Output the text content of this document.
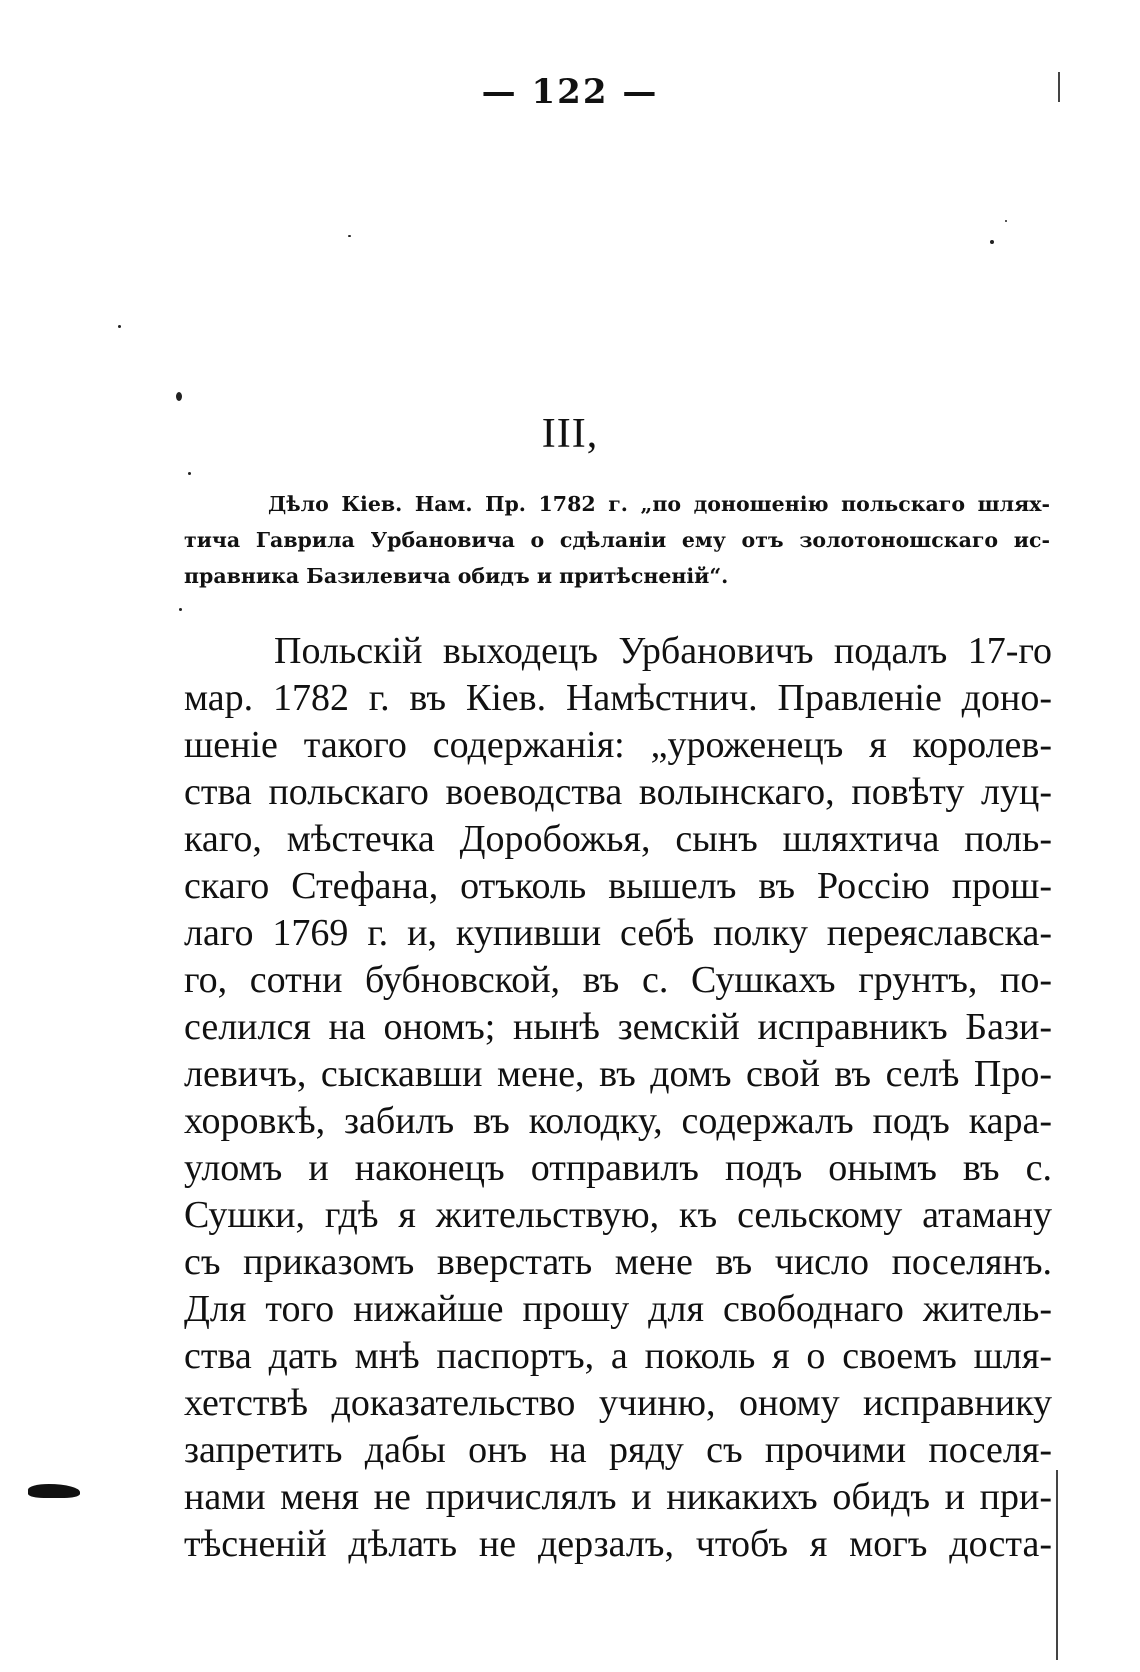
— 122 —
III,
Дѣло Кiев. Нам. Пр. 1782 г. „по доношенiю польскаго шлях-
тича Гаврила Урбановича о сдѣланiи ему отъ золотоношскаго ис-
правника Базилевича обидъ и притѣсненiй“.
Польскiй выходецъ Урбановичъ подалъ 17-го
мар. 1782 г. въ Кiев. Намѣстнич. Правленiе доно-
шенiе такого содержанiя: „уроженецъ я королев-
ства польскаго воеводства волынскаго, повѣту луц-
каго, мѣстечка Доробожья, сынъ шляхтича поль-
скаго Стефана, отъколь вышелъ въ Россiю прош-
лаго 1769 г. и, купивши себѣ полку переяславска-
го, сотни бубновской, въ с. Сушкахъ грунтъ, по-
селился на ономъ; нынѣ земскiй исправникъ Бази-
левичъ, сыскавши мене, въ домъ свой въ селѣ Про-
хоровкѣ, забилъ въ колодку, содержалъ подъ кара-
уломъ и наконецъ отправилъ подъ онымъ въ с.
Сушки, гдѣ я жительствую, къ сельскому атаману
съ приказомъ вверстать мене въ число поселянъ.
Для того нижайше прошу для свободнаго житель-
ства дать мнѣ паспортъ, а поколь я о своемъ шля-
хетствѣ доказательство учиню, оному исправнику
запретить дабы онъ на ряду съ прочими поселя-
нами меня не причислялъ и никакихъ обидъ и при-
тѣсненiй дѣлать не дерзалъ, чтобъ я могъ доста-
